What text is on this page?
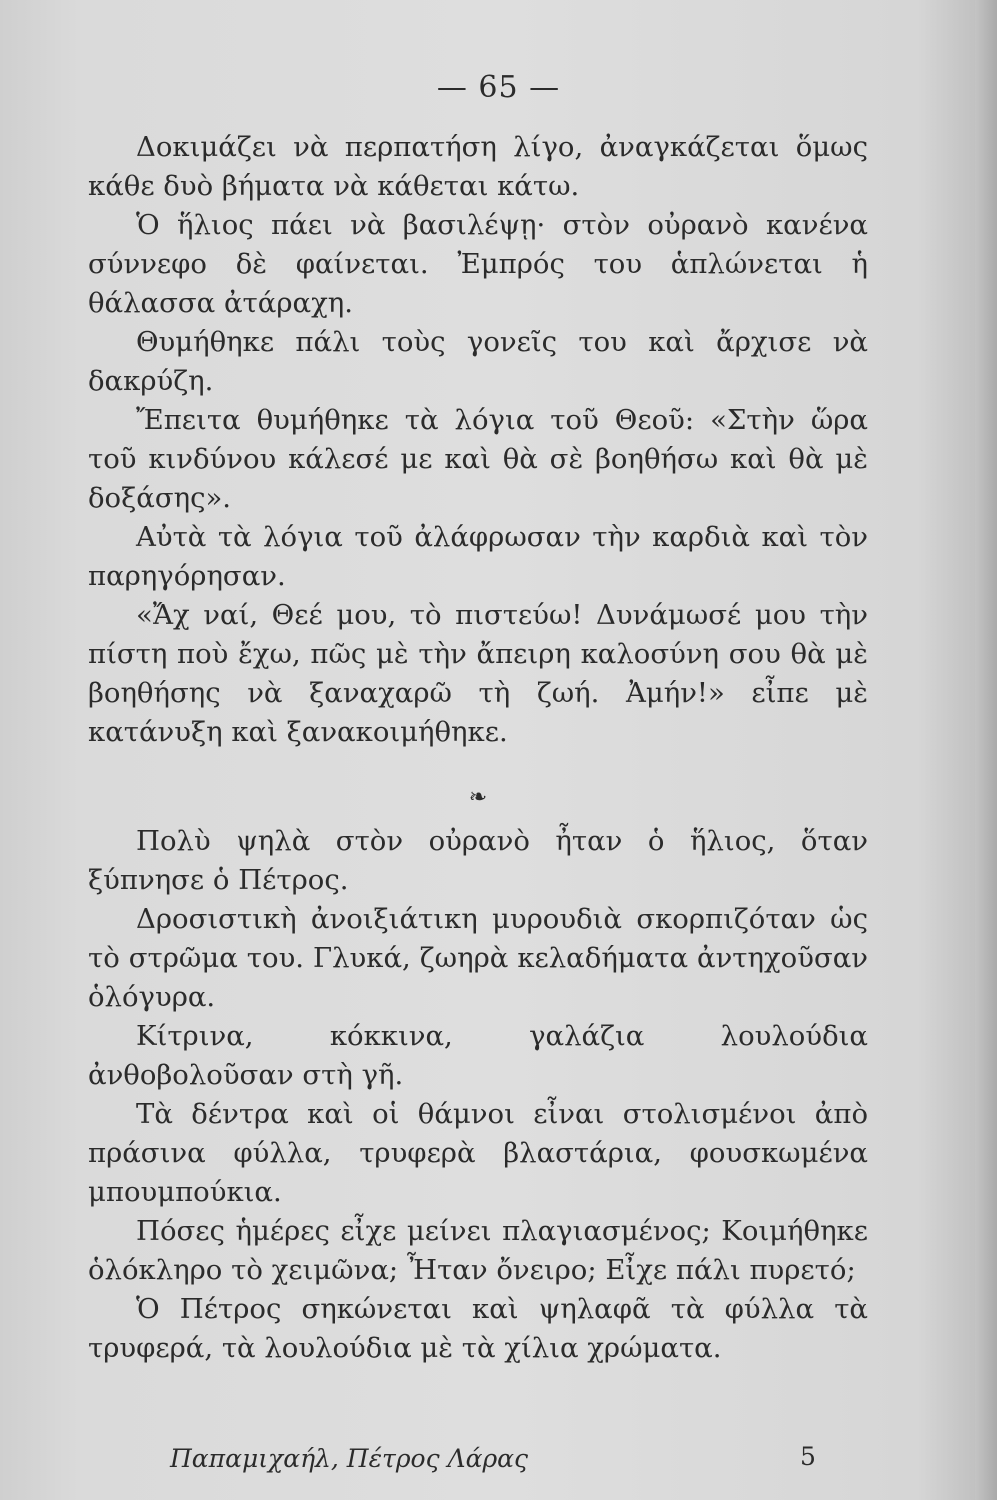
— 65 —

Δοκιμάζει νὰ περπατήση λίγο, ἀναγκάζεται ὅμως κάθε δυὸ βήματα νὰ κάθεται κάτω.

Ὁ ἥλιος πάει νὰ βασιλέψῃ· στὸν οὐρανὸ κανένα σύννεφο δὲ φαίνεται. Ἐμπρός του ἁπλώνεται ἡ θάλασσα ἀτάραχη.

Θυμήθηκε πάλι τοὺς γονεῖς του καὶ ἄρχισε νὰ δακρύζη.

Ἔπειτα θυμήθηκε τὰ λόγια τοῦ Θεοῦ: «Στὴν ὥρα τοῦ κινδύνου κάλεσέ με καὶ θὰ σὲ βοηθήσω καὶ θὰ μὲ δοξάσης».

Αὐτὰ τὰ λόγια τοῦ ἀλάφρωσαν τὴν καρδιὰ καὶ τὸν παρηγόρησαν.

«Ἄχ ναί, Θεέ μου, τὸ πιστεύω! Δυνάμωσέ μου τὴν πίστη ποὺ ἔχω, πῶς μὲ τὴν ἄπειρη καλοσύνη σου θὰ μὲ βοηθήσης νὰ ξαναχαρῶ τὴ ζωή. Ἀμήν!» εἶπε μὲ κατάνυξη καὶ ξανακοιμήθηκε.

❧

Πολὺ ψηλὰ στὸν οὐρανὸ ἦταν ὁ ἥλιος, ὅταν ξύπνησε ὁ Πέτρος.

Δροσιστικὴ ἀνοιξιάτικη μυρουδιὰ σκορπιζόταν ὡς τὸ στρῶμα του. Γλυκά, ζωηρὰ κελαδήματα ἀντηχοῦσαν ὁλόγυρα.

Κίτρινα, κόκκινα, γαλάζια λουλούδια ἀνθοβολοῦσαν στὴ γῆ.

Τὰ δέντρα καὶ οἱ θάμνοι εἶναι στολισμένοι ἀπὸ πράσινα φύλλα, τρυφερὰ βλαστάρια, φουσκωμένα μπουμπούκια.

Πόσες ἡμέρες εἶχε μείνει πλαγιασμένος; Κοιμήθηκε ὁλόκληρο τὸ χειμῶνα; Ἦταν ὄνειρο; Εἶχε πάλι πυρετό;

Ὁ Πέτρος σηκώνεται καὶ ψηλαφᾶ τὰ φύλλα τὰ τρυφερά, τὰ λουλούδια μὲ τὰ χίλια χρώματα.

Παπαμιχαήλ, Πέτρος Λάρας	5
